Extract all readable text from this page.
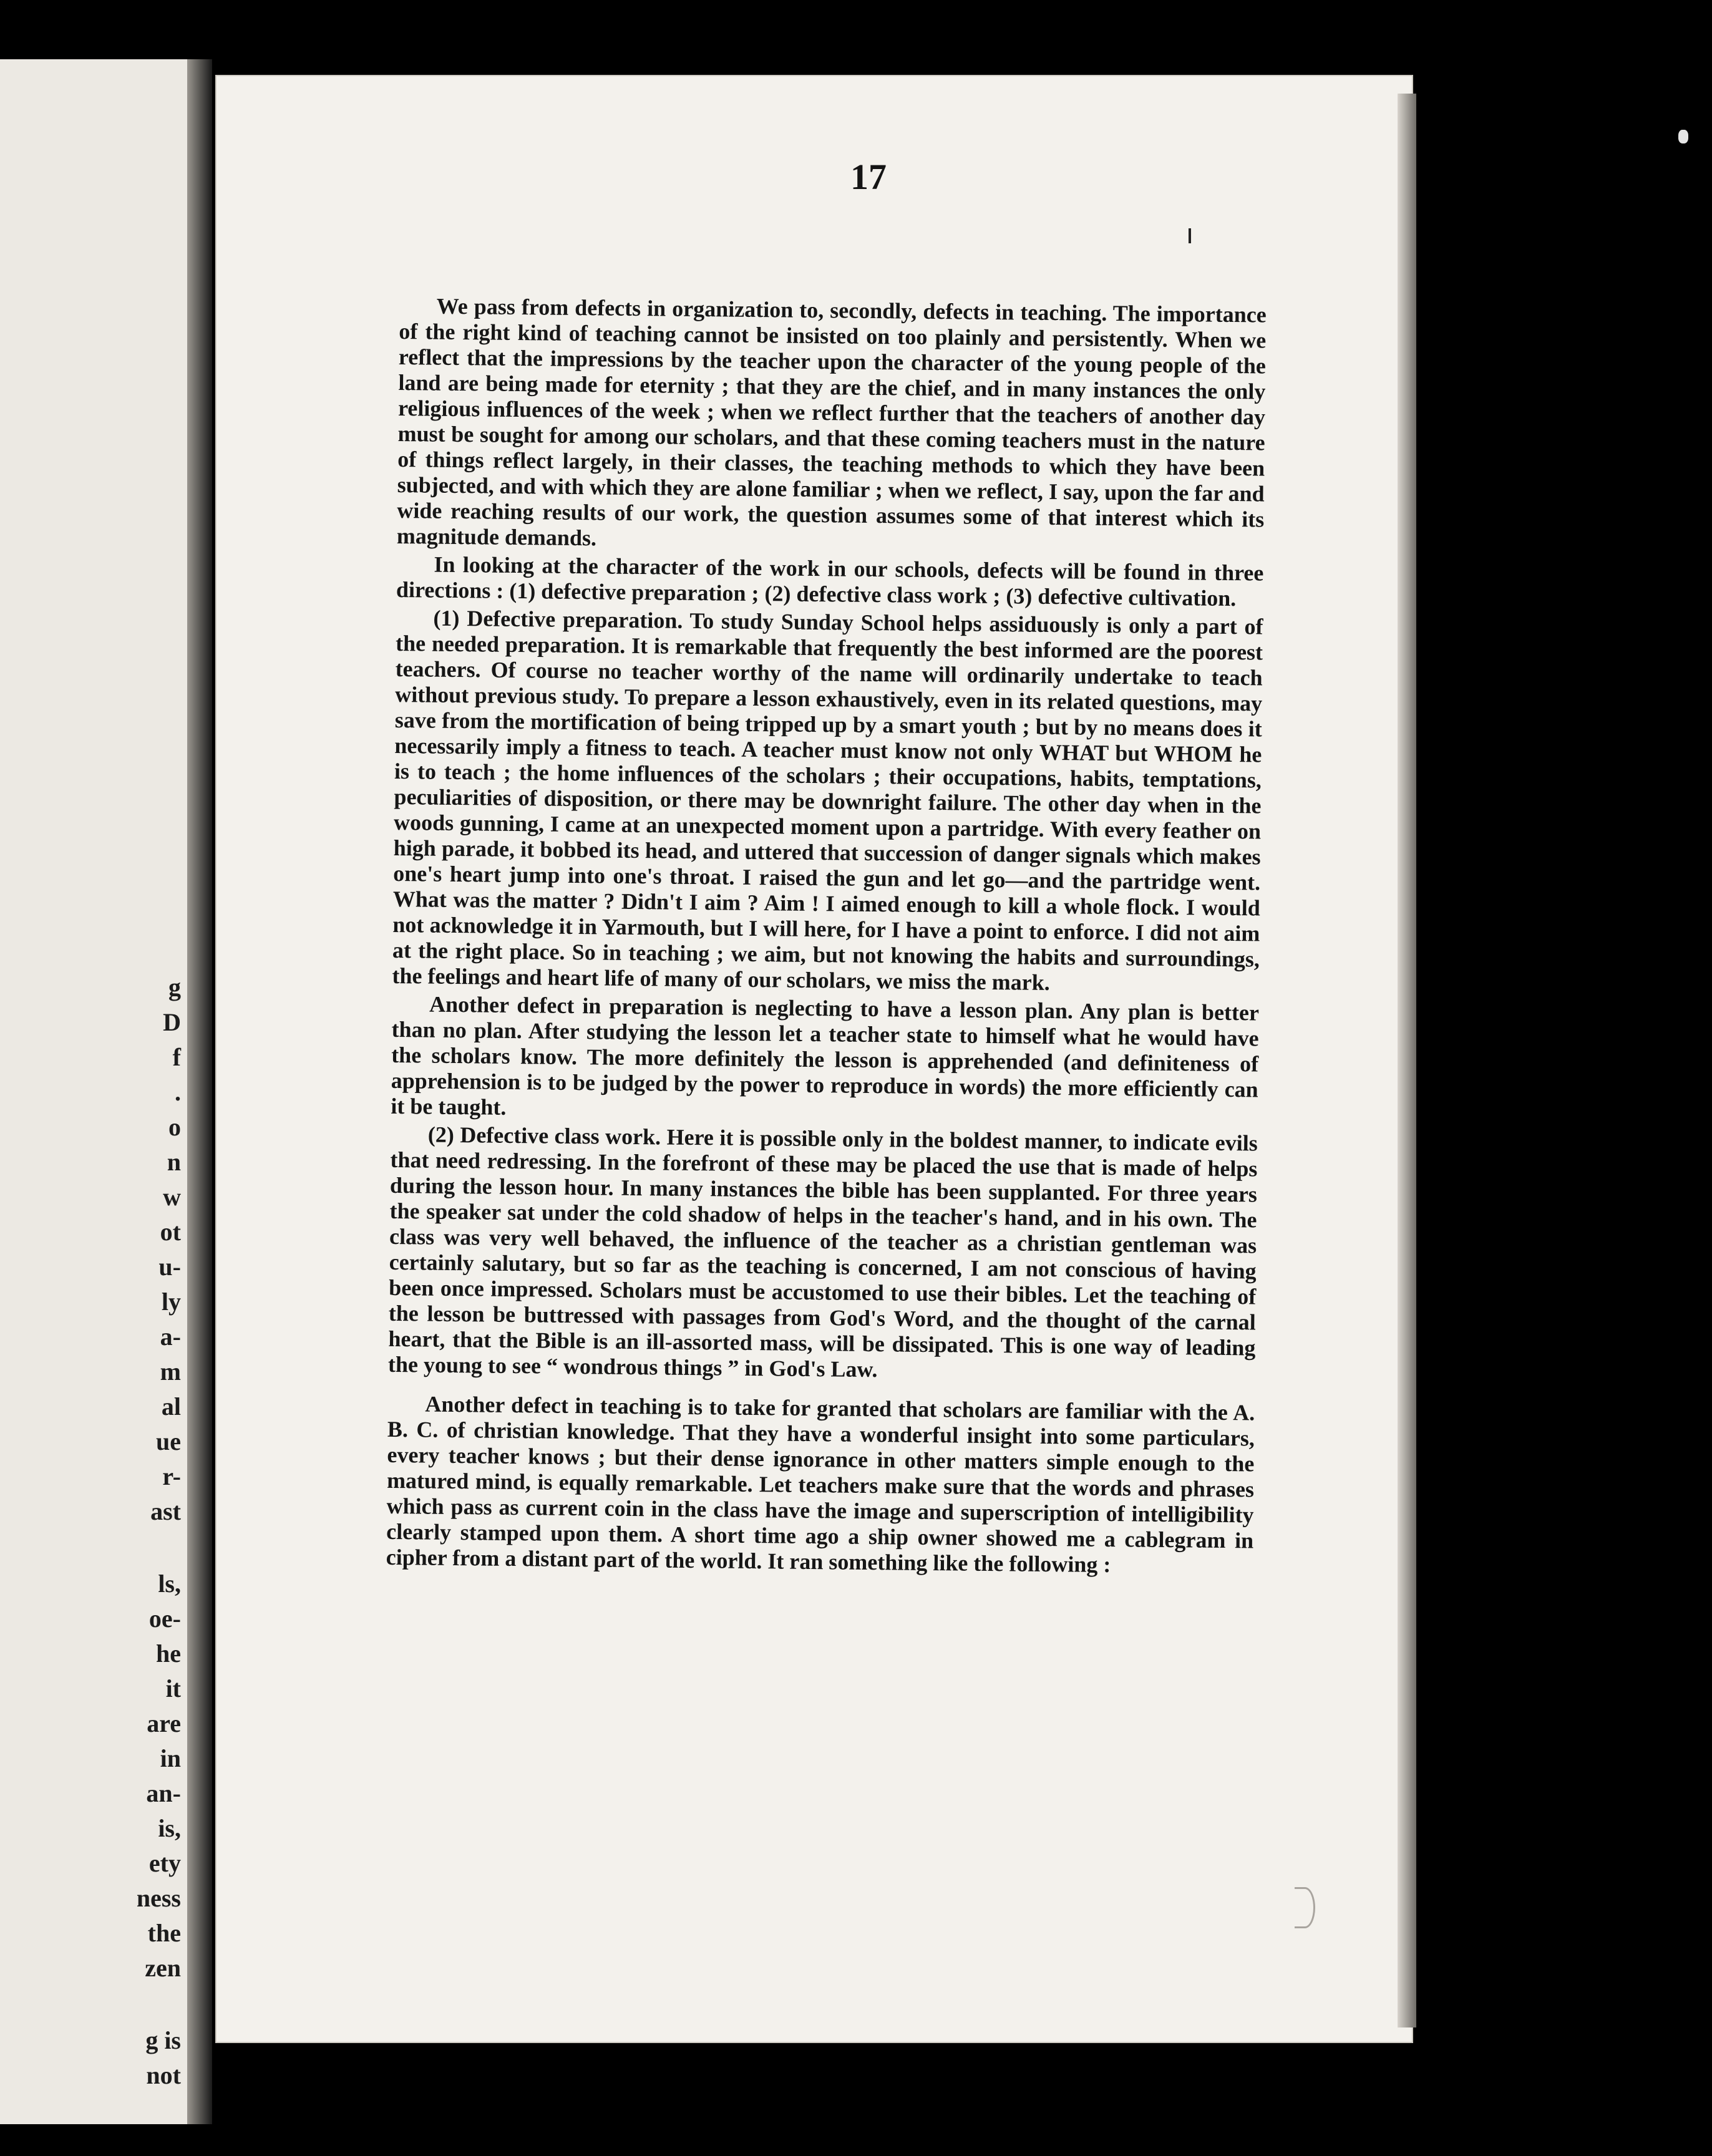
g
D
f
.
o
n
w
ot
u-
ly
a-
m
al
ue
r-
ast
ls,
oe-
he
it
are
in
an-
is,
ety
ness
the
zen
g is
not
17

We pass from defects in organization to, secondly, defects in teaching. The importance of the right kind of teaching cannot be insisted on too plainly and persistently. When we reflect that the impressions by the teacher upon the character of the young people of the land are being made for eternity ; that they are the chief, and in many instances the only religious influences of the week ; when we reflect further that the teachers of another day must be sought for among our scholars, and that these coming teachers must in the nature of things reflect largely, in their classes, the teaching methods to which they have been subjected, and with which they are alone familiar ; when we reflect, I say, upon the far and wide reaching results of our work, the question assumes some of that interest which its magnitude demands.

In looking at the character of the work in our schools, defects will be found in three directions : (1) defective preparation ; (2) defective class work ; (3) defective cultivation.

(1) Defective preparation. To study Sunday School helps assiduously is only a part of the needed preparation. It is remarkable that frequently the best informed are the poorest teachers. Of course no teacher worthy of the name will ordinarily undertake to teach without previous study. To prepare a lesson exhaustively, even in its related questions, may save from the mortification of being tripped up by a smart youth ; but by no means does it necessarily imply a fitness to teach. A teacher must know not only WHAT but WHOM he is to teach ; the home influences of the scholars ; their occupations, habits, temptations, peculiarities of disposition, or there may be downright failure. The other day when in the woods gunning, I came at an unexpected moment upon a partridge. With every feather on high parade, it bobbed its head, and uttered that succession of danger signals which makes one's heart jump into one's throat. I raised the gun and let go—and the partridge went. What was the matter ? Didn't I aim ? Aim ! I aimed enough to kill a whole flock. I would not acknowledge it in Yarmouth, but I will here, for I have a point to enforce. I did not aim at the right place. So in teaching ; we aim, but not knowing the habits and surroundings, the feelings and heart life of many of our scholars, we miss the mark.

Another defect in preparation is neglecting to have a lesson plan. Any plan is better than no plan. After studying the lesson let a teacher state to himself what he would have the scholars know. The more definitely the lesson is apprehended (and definiteness of apprehension is to be judged by the power to reproduce in words) the more efficiently can it be taught.

(2) Defective class work. Here it is possible only in the boldest manner, to indicate evils that need redressing. In the forefront of these may be placed the use that is made of helps during the lesson hour. In many instances the bible has been supplanted. For three years the speaker sat under the cold shadow of helps in the teacher's hand, and in his own. The class was very well behaved, the influence of the teacher as a christian gentleman was certainly salutary, but so far as the teaching is concerned, I am not conscious of having been once impressed. Scholars must be accustomed to use their bibles. Let the teaching of the lesson be buttressed with passages from God's Word, and the thought of the carnal heart, that the Bible is an ill-assorted mass, will be dissipated. This is one way of leading the young to see “ wondrous things ” in God's Law.

Another defect in teaching is to take for granted that scholars are familiar with the A. B. C. of christian knowledge. That they have a wonderful insight into some particulars, every teacher knows ; but their dense ignorance in other matters simple enough to the matured mind, is equally remarkable. Let teachers make sure that the words and phrases which pass as current coin in the class have the image and superscription of intelligibility clearly stamped upon them. A short time ago a ship owner showed me a cablegram in cipher from a distant part of the world. It ran something like the following :
